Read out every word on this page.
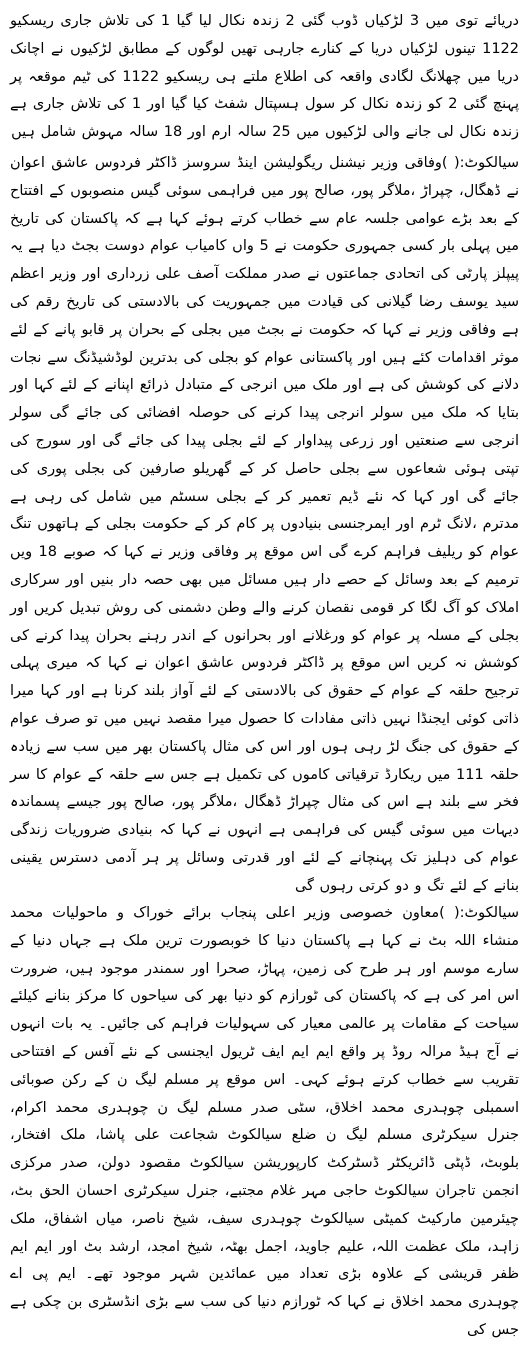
دریائے توی میں 3 لڑکیاں ڈوب گئی 2 زندہ نکال لیا گیا 1 کی تلاش جاری ریسکیو 1122 تینوں لڑکیاں دریا کے کنارے جارہی تھیں لوگوں کے مطابق لڑکیوں نے اچانک دریا میں چھلانگ لگادی واقعہ کی اطلاع ملتے ہی ریسکیو 1122 کی ٹیم موقعہ پر پہنچ گئی 2 کو زندہ نکال کر سول ہسپتال شفٹ کیا گیا اور 1 کی تلاش جاری ہے زندہ نکال لی جانے والی لڑکیوں میں 25 سالہ ارم اور 18 سالہ مہوش شامل ہیں

سیالکوٹ:( )وفاقی وزیر نیشنل ریگولیشن اینڈ سروسز ڈاکٹر فردوس عاشق اعوان نے ڈھگال، چپراڑ ،ملاگر پور، صالح پور میں فراہمی سوئی گیس منصوبوں کے افتتاح کے بعد بڑے عوامی جلسہ عام سے خطاب کرتے ہوئے کہا ہے کہ پاکستان کی تاریخ میں پہلی بار کسی جمہوری حکومت نے 5 واں کامیاب عوام دوست بجٹ دیا ہے یہ پیپلز پارٹی کی اتحادی جماعتوں نے صدر مملکت آصف علی زرداری اور وزیر اعظم سید یوسف رضا گیلانی کی قیادت میں جمہوریت کی بالادستی کی تاریخ رقم کی ہے وفاقی وزیر نے کہا کہ حکومت نے بجٹ میں بجلی کے بحران پر قابو پانے کے لئے موثر اقدامات کئے ہیں اور پاکستانی عوام کو بجلی کی بدترین لوڈشیڈنگ سے نجات دلانے کی کوشش کی ہے اور ملک میں انرجی کے متبادل ذرائع اپنانے کے لئے کہا اور بتایا کہ ملک میں سولر انرجی پیدا کرنے کی حوصلہ افضائی کی جائے گی سولر انرجی سے صنعتیں اور زرعی پیداوار کے لئے بجلی پیدا کی جائے گی اور سورج کی تپتی ہوئی شعاعوں سے بجلی حاصل کر کے گھریلو صارفین کی بجلی پوری کی جائے گی اور کہا کہ نئے ڈیم تعمیر کر کے بجلی سسٹم میں شامل کی رہی ہے مدترم ،لانگ ٹرم اور ایمرجنسی بنیادوں پر کام کر کے حکومت بجلی کے ہاتھوں تنگ عوام کو ریلیف فراہم کرے گی اس موقع پر وفاقی وزیر نے کہا کہ صوبے 18 ویں ترمیم کے بعد وسائل کے حصے دار ہیں مسائل میں بھی حصہ دار بنیں اور سرکاری املاک کو آگ لگا کر قومی نقصان کرنے والے وطن دشمنی کی روش تبدیل کریں اور بجلی کے مسلہ پر عوام کو ورغلانے اور بحرانوں کے اندر رہنے بحران پیدا کرنے کی کوشش نہ کریں اس موقع پر ڈاکٹر فردوس عاشق اعوان نے کہا کہ میری پہلی ترجیح حلقہ کے عوام کے حقوق کی بالادستی کے لئے آواز بلند کرنا ہے اور کہا میرا ذاتی کوئی ایجنڈا نہیں ذاتی مفادات کا حصول میرا مقصد نہیں میں تو صرف عوام کے حقوق کی جنگ لڑ رہی ہوں اور اس کی مثال پاکستان بھر میں سب سے زیادہ حلقہ 111 میں ریکارڈ ترقیاتی کاموں کی تکمیل ہے جس سے حلقہ کے عوام کا سر فخر سے بلند ہے اس کی مثال چپراڑ ڈھگال ،ملاگر پور، صالح پور جیسے پسماندہ دیہات میں سوئی گیس کی فراہمی ہے انہوں نے کہا کہ بنیادی ضروریات زندگی عوام کی دہلیز تک پہنچانے کے لئے اور قدرتی وسائل پر ہر آدمی دسترس یقینی بنانے کے لئے تگ و دو کرتی رہوں گی

سیالکوٹ:( )معاون خصوصی وزیر اعلی پنجاب برائے خوراک و ماحولیات محمد منشاء اللہ بٹ نے کہا ہے پاکستان دنیا کا خوبصورت ترین ملک ہے جہاں دنیا کے سارے موسم اور ہر طرح کی زمین، پہاڑ، صحرا اور سمندر موجود ہیں، ضرورت اس امر کی ہے کہ پاکستان کی ٹورازم کو دنیا بھر کی سیاحوں کا مرکز بنانے کیلئے سیاحت کے مقامات پر عالمی معیار کی سہولیات فراہم کی جائیں۔ یہ بات انہوں نے آج ہیڈ مرالہ روڈ پر واقع ایم ایم ایف ٹریول ایجنسی کے نئے آفس کے افتتاحی تقریب سے خطاب کرتے ہوئے کہی۔ اس موقع پر مسلم لیگ ن کے رکن صوبائی اسمبلی چوہدری محمد اخلاق، سٹی صدر مسلم لیگ ن چوہدری محمد اکرام، جنرل سیکرٹری مسلم لیگ ن ضلع سیالکوٹ شجاعت علی پاشا، ملک افتخار، بلوبٹ، ڈپٹی ڈائریکٹر ڈسٹرکٹ کارپوریشن سیالکوٹ مقصود دولن، صدر مرکزی انجمن تاجران سیالکوٹ حاجی مہر غلام مجتبے، جنرل سیکرٹری احسان الحق بٹ، چیئرمین مارکیٹ کمیٹی سیالکوٹ چوہدری سیف، شیخ ناصر، میاں اشفاق، ملک زاہد، ملک عظمت اللہ، علیم جاوید، اجمل بھٹہ، شیخ امجد، ارشد بٹ اور ایم ایم ظفر قریشی کے علاوہ بڑی تعداد میں عمائدین شہر موجود تھے۔ ایم پی اے چوہدری محمد اخلاق نے کہا کہ ٹورازم دنیا کی سب سے بڑی انڈسٹری بن چکی ہے جس کی
